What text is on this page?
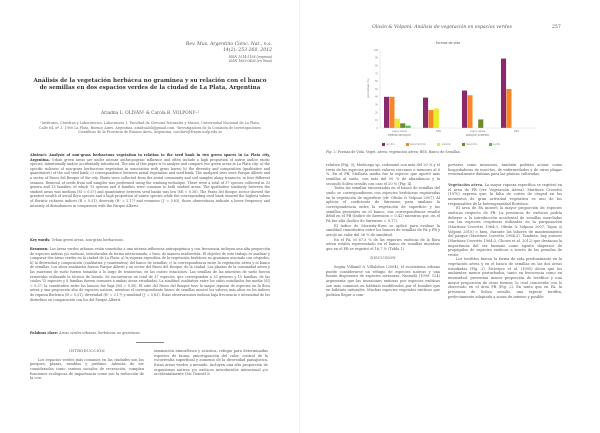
Rev. Mus. Argentino Cienc. Nat., n.s.
14(2): 253-260, 2012
ISSN 1514-5158 (impresa)
ISSN 1853-0400 (en línea)
Análisis de la vegetación herbácea no graminea y su relación con el banco de semillas en dos espacios verdes de la ciudad de La Plata, Argentina
Ariadna L. OLIVÁN¹ & Carola B. VOLPONI¹·²
¹Institutos, Cátedras y Laboratorios, Laboratorio 1, Facultad de Ciencias Naturales y Museo, Universidad Nacional de La Plata, Calle 64, nº 3, 1900 La Plata, Buenos Aires, Argentina, ariadnaloli@gmail.com. ²Investigadora de la Comisión de Investigaciones Científicas de la Provincia de Buenos Aires, Argentina, carolarv@fcnym.unlp.edu.ar
Abstract: Analysis of non-grass herbaceous vegetation in relation to the seed bank in two green spaces in La Plata city, Argentina. Urban green areas are under intense anthropogenic influence and often include a high proportion of native and/or exotic species, intentionally and/or accidentally introduced. The aim of this paper is to analyze and compare two green areas in La Plata city: a) the specific richness of non-grass herbaceous vegetation in association with grass lawns; b) the diversity and composition (qualitative and quantitative) of the soil seed bank; c) correspondence between aerial vegetation and seed bank. The analyzed sites were Parque Alberti and a sector of Paseo del Bosque of the city. Plants were collected from the aerial community and soil samples along transects, in four different seasons. Removal of seeds from soil samples was performed using the washing technique. There were a total of 37 species collected in 33 genera and 15 families, of which 15 species and 8 families were common to both studied areas. The qualitative similarity between the studied areas was medium (SI = 0.57) and quantitative between seed banks was low (MI = 0.36). The Paseo del Bosque sector showed the greatest wealth of aerial flora species and a high proportion of native species while the corresponding seed bank showed the highest values of floristic richness indices (R = 0.51), diversity (H' = 2.17) and evenness (J' = 0.63), those observations indicate a lower frequency and intensity of disturbances in comparison with the Parque Alberti.
Key words: Urban green areas, non-grass herbaceous.
Resumen: Las áreas verdes urbanas están sometidas a una intensa influencia antropogénica y con frecuencia incluyen una alta proporción de especies nativas y/o exóticas, introducidas de forma intencionada, o bien, de manera inadvertida. El objetivo de este trabajo es analizar y comparar dos áreas verdes en la ciudad de La Plata: a) la riqueza específica de la vegetación herbácea no graminea asociada con céspedes; b) la diversidad y composición (cualitativa y cuantitativa) del banco de semillas; c) la correspondencia entre la vegetación aérea y el banco de semillas. Los sitios analizados fueron Parque Alberti y un sector del Paseo del Bosque, de la ciudad. Las plantas de la comunidad aérea y las muestras de suelo fueron tomadas a lo largo de transectas, en las cuatro estaciones. Las semillas de las muestras de suelo fueron removidas utilizando la técnica de lavado. Se encontraron un total de 37 especies, que corresponden a 33 géneros y 15 familias, de las cuales 15 especies y 8 familias fueron comunes a ambas áreas estudiadas. La similitud cualitativa entre los sitios estudiados fue media (SI) = 0,57; la cuantitativa entre los bancos fue baja (MI = 0,36). El sitio del Paseo del Bosque tuvo la mayor riqueza de especies en la flora aérea y una proporción alta de especies nativas, mientras el correspondiente banco de semillas mostró los valores más altos en los índices de riqueza florística (R = 0,51), diversidad (H' = 2,17) y similitud (J' = 0,63). Estas observaciones indican baja frecuencia e intensidad de los disturbios en comparación con los del Parque Alberti.
Palabras clave: Áreas verdes urbanas, herbáceas no gramíneas
INTRODUCCIÓN
Los espacios verdes más comunes en las ciudades son los parques, plazas, ramblas y jardines. Además de ser considerados como centros sociales de recreación, cumplen funciones ecológicas de importancia como son la reducción de la con-
taminación atmosférica y acústica, refugio para determinadas especies de fauna, amortiguación del calor, control de la escorrentía superficial y aumento de la diversidad paisajística. Estas áreas verdes a menudo, incluyen una alta proporción de organismos nativos y/o exóticos introducidos intencional y/o accidentalmente (Mc Donnel &
Oliván & Volponi: Análisis de vegetación en espacios verdes	257
Formas de vida
porcentaje (%)
0
10
20
30
40
50
60
70
80
90
100
veget. aérea	BSS	veget. aérea	BSS
PREDIO BOSQUE	PARQUE ALBERTI
terófito	hemicriptófito	caméfito	fanerófito	geófito
Fig. 2: Formas de Vida. Veget. aérea: vegetación aérea; BSS: Banco de Semillas.
relativa (Fig. 3); Medicago sp. codominó con más del 20 % y el resto de las especies presentó valores cercanos o menores al 6 %. En el PB, Stellaria media fue la especie que aportó más semillas al suelo, con más del 50 % de abundancia y la secundó Soliva sessilis con casi el 20 % (Fig. 4).
Todas las semillas encontradas en el banco de semillas del suelo se correspondieron con especies herbáceas registradas en la vegetación de superficie (cfr. Oliván & Volponi 2007). Al aplicar el coeficiente de Sørensen para analizar la correspondencia entre la vegetación de superficie y las semillas presentes en el banco, esa correspondencia resultó débil en el PB (Índice de Sørensen = 0,42) mientras que, en el PA fue alta (Índice de Sørensen = 0,77).
El índice de Morisita-Horn se aplicó para evaluar la similitud cuantitativa entre los bancos de semillas de PA y PB y arrojó un valor del 36 % de similitud.
En el PA, el 67,5 % de las especies exóticas de la flora aérea estaba representado en el banco de semillas mientras que en el PB se registró el 16,7 % (Tabla 1).
DISCUSIÓN
Según Villamil & Villalobos (2004), el ecosistema urbano puede considerarse un refugio de especies nativas y una fuente dispersora de especies invasoras. Niemelä (1999: 124) argumenta que las invasiones exitosas por especies exóticas son más comunes en hábitats modificados por el hombre que en hábitats naturales. Muchas especies vegetales exóticas que podrían llegar a com-
portarse como invasoras, también podrían actuar como hospedadoras de insectos, de enfermedades y de otras plagas eventualmente dañinas para las plantas cultivadas.
Vegetación aérea. La mayor riqueza específica se registró en el área de PB (ver Vegetación Aérea). Martínez Crovetto (1970) expresa que, la falta de cortes de césped en los momentos de gran actividad vegetativa es uno de los responsables de la heterogeneidad florística.
El área de PA mostró la mayor proporción de especies exóticas respecto de PB. La presencia de exóticas podría deberse a la introducción accidental de semillas mezcladas con las especies cespitosas utilizadas en la parquización (Martínez Crovetto 1964:3, Oliván & Volponi 2007, Tapia & Volponi 2010) o bien, durante las labores de mantenimiento del parque (Martínez Crovetto 1964:3). También, hay autores (Martínez Crovetto 1964:3, Chown et al. 2012) que destacan la importancia del ser humano como agente dispersor de propágulos de especies exóticas a través de las prendas de vestir.
Los terófitos fueron la forma de vida predominante en la vegetación aérea y en el banco de semillas en las dos áreas estudiadas (Fig. 2). McIntyre et al. (1995) dicen que los ambientes menos perturbados, tanto en frecuencia como en intensidad, presentan menor proporción de terófitos y una mayor proporción de otras formas, lo cual concuerda con lo observado en el área PB (Fig. 2). En tanto que en PA, la presencia de Soliva sessilis, una especie terófita, perfectamente adaptada a zonas de intenso y posible
